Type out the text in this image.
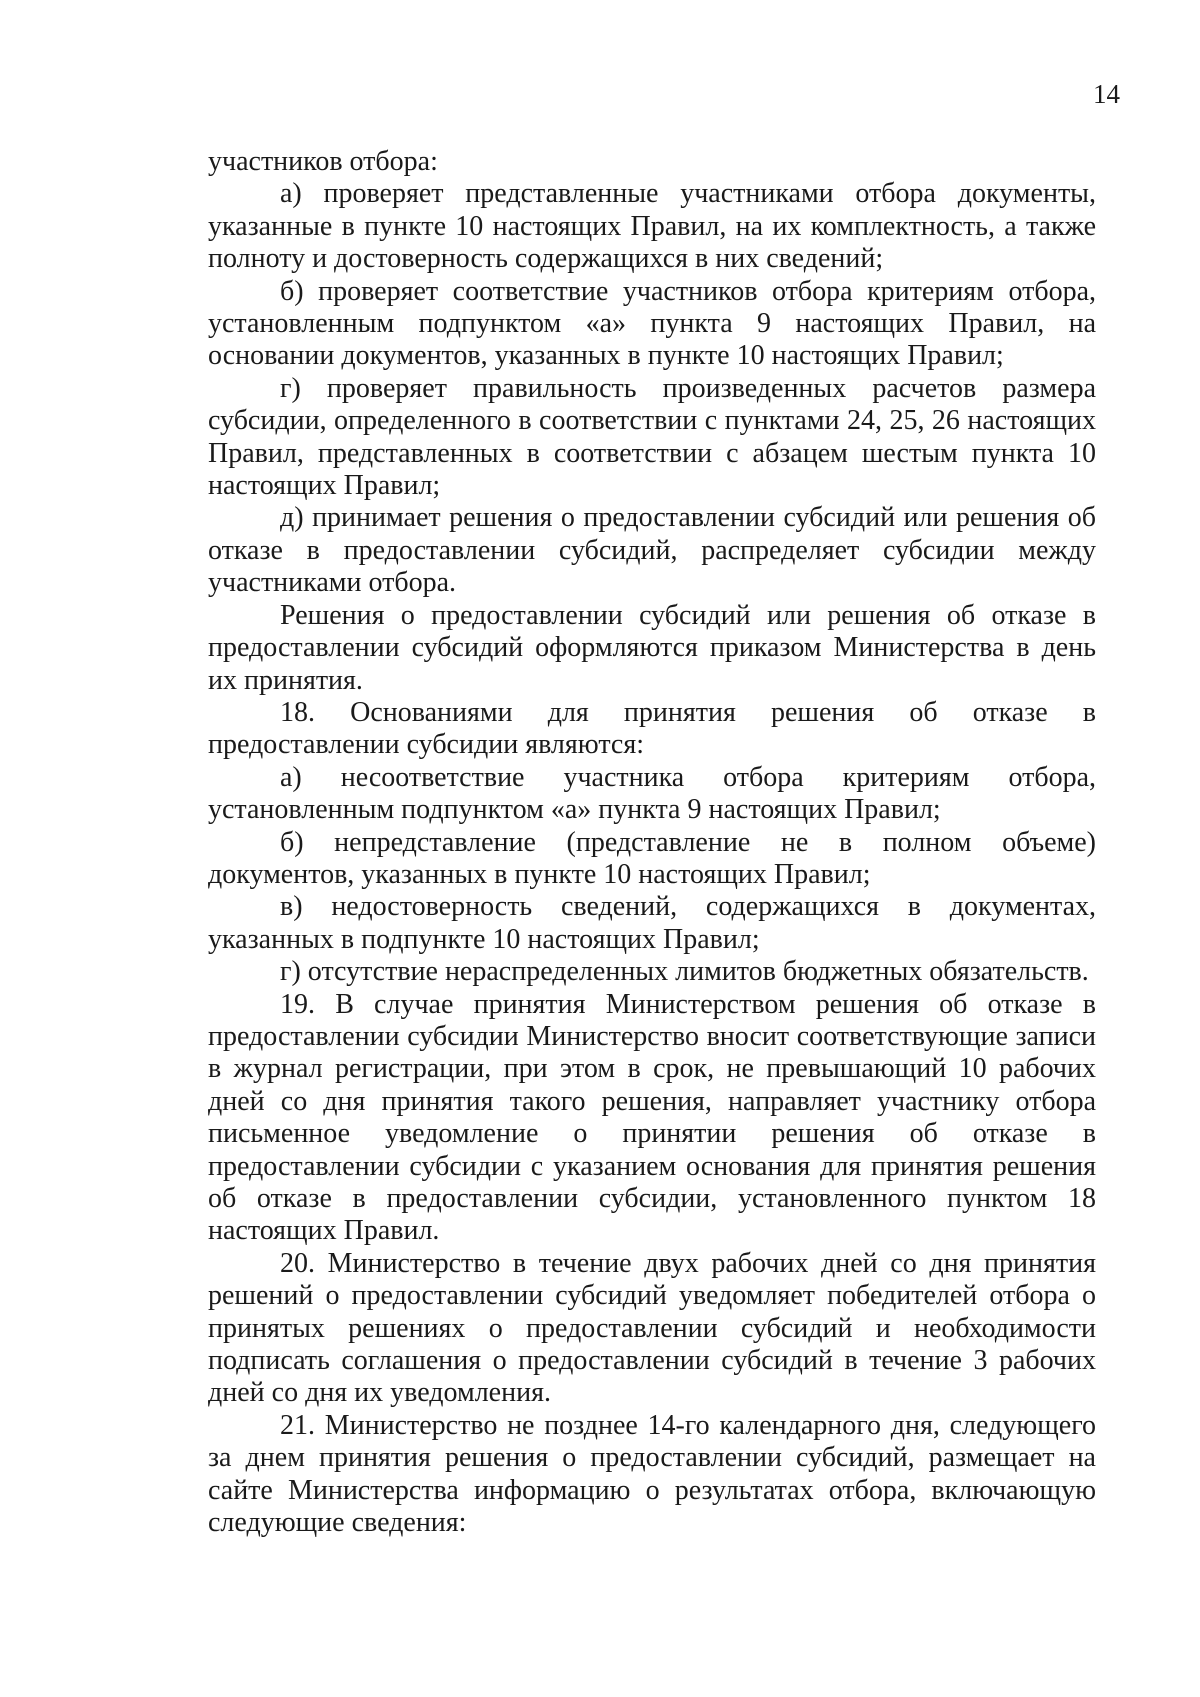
14

участников отбора:

а) проверяет представленные участниками отбора документы, указанные в пункте 10 настоящих Правил, на их комплектность, а также полноту и достоверность содержащихся в них сведений;

б) проверяет соответствие участников отбора критериям отбора, установленным подпунктом «а» пункта 9 настоящих Правил, на основании документов, указанных в пункте 10 настоящих Правил;

г) проверяет правильность произведенных расчетов размера субсидии, определенного в соответствии с пунктами 24, 25, 26 настоящих Правил, представленных в соответствии с абзацем шестым пункта 10 настоящих Правил;

д) принимает решения о предоставлении субсидий или решения об отказе в предоставлении субсидий, распределяет субсидии между участниками отбора.

Решения о предоставлении субсидий или решения об отказе в предоставлении субсидий оформляются приказом Министерства в день их принятия.

18. Основаниями для принятия решения об отказе в предоставлении субсидии являются:

а) несоответствие участника отбора критериям отбора, установленным подпунктом «а» пункта 9 настоящих Правил;

б) непредставление (представление не в полном объеме) документов, указанных в пункте 10 настоящих Правил;

в) недостоверность сведений, содержащихся в документах, указанных в подпункте 10 настоящих Правил;

г) отсутствие нераспределенных лимитов бюджетных обязательств.

19. В случае принятия Министерством решения об отказе в предоставлении субсидии Министерство вносит соответствующие записи в журнал регистрации, при этом в срок, не превышающий 10 рабочих дней со дня принятия такого решения, направляет участнику отбора письменное уведомление о принятии решения об отказе в предоставлении субсидии с указанием основания для принятия решения об отказе в предоставлении субсидии, установленного пунктом 18 настоящих Правил.

20. Министерство в течение двух рабочих дней со дня принятия решений о предоставлении субсидий уведомляет победителей отбора о принятых решениях о предоставлении субсидий и необходимости подписать соглашения о предоставлении субсидий в течение 3 рабочих дней со дня их уведомления.

21. Министерство не позднее 14-го календарного дня, следующего за днем принятия решения о предоставлении субсидий, размещает на сайте Министерства информацию о результатах отбора, включающую следующие сведения:
